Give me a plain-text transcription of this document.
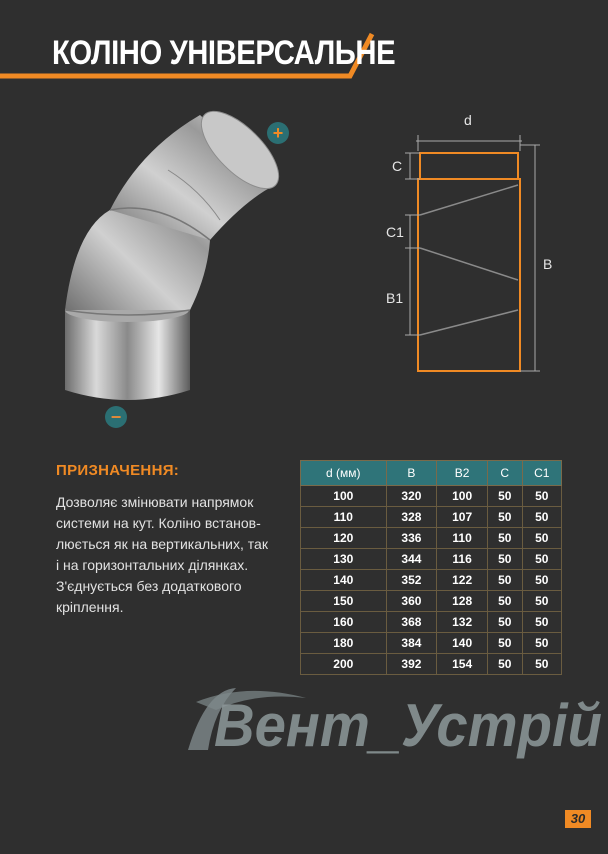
КОЛІНО УНІВЕРСАЛЬНЕ
+
−
d
C
C1
B1
B
ПРИЗНАЧЕННЯ:

Дозволяє змінювати напрямок

системи на кут. Коліно встанов-

люється як на вертикальних, так

і на горизонтальних ділянках.

З'єднується без додаткового

кріплення.

d (мм)	B	B2	C	C1
100	320	100	50	50
110	328	107	50	50
120	336	110	50	50
130	344	116	50	50
140	352	122	50	50
150	360	128	50	50
160	368	132	50	50
180	384	140	50	50
200	392	154	50	50
Вент_Устрій
30
